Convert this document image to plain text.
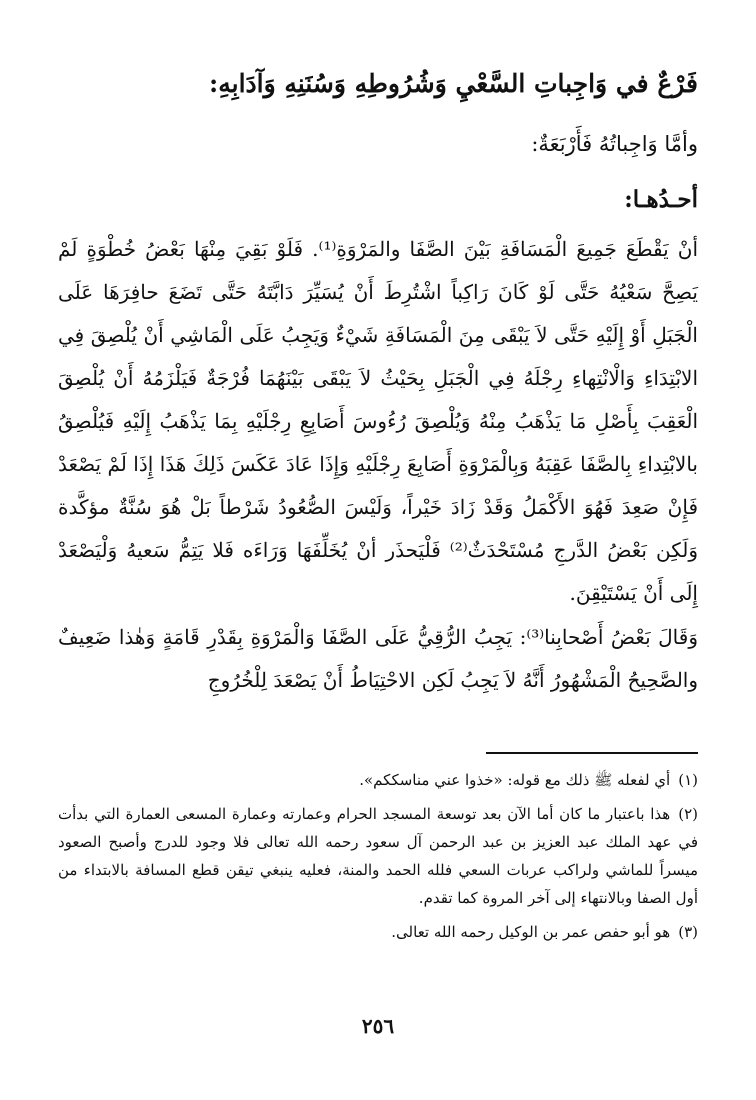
فَرْعٌ في وَاجِباتِ السَّعْيِ وَشُرُوطِهِ وَسُنَنِهِ وَآدَابِهِ:
وأمَّا وَاجِباتُهُ فَأَرْبَعَةٌ:
أحـدُهـا:

أنْ يَقْطَعَ جَمِيعَ الْمَسَافَةِ بَيْنَ الصَّفَا والمَرْوَةِ⁽¹⁾. فَلَوْ بَقِيَ مِنْهَا بَعْضُ خُطْوَةٍ لَمْ يَصِحَّ سَعْيُهُ حَتَّى لَوْ كَانَ رَاكِباً اشْتُرِطَ أَنْ يُسَيِّرَ دَابَّتَهُ حَتَّى تَضَعَ حافِرَهَا عَلَى الْجَبَلِ أَوْ إِلَيْهِ حَتَّى لاَ يَبْقَى مِنَ الْمَسَافَةِ شَيْءٌ وَيَجِبُ عَلَى الْمَاشِي أَنْ يُلْصِقَ فِي الابْتِدَاءِ وَالْانْتِهاءِ رِجْلَهُ فِي الْجَبَلِ بِحَيْثُ لاَ يَبْقَى بَيْنَهُمَا فُرْجَةٌ فَيَلْزَمُهُ أَنْ يُلْصِقَ الْعَقِبَ بِأَصْلِ مَا يَذْهَبُ مِنْهُ وَيُلْصِقَ رُءُوسَ أَصَابِعِ رِجْلَيْهِ بِمَا يَذْهَبُ إِلَيْهِ فَيُلْصِقُ بالابْتِداءِ بِالصَّفَا عَقِبَهُ وَبِالْمَرْوَةِ أَصَابِعَ رِجْلَيْهِ وَإِذَا عَادَ عَكَسَ ذَلِكَ هَذَا إِذَا لَمْ يَصْعَدْ فَإِنْ صَعِدَ فَهُوَ الأَكْمَلُ وَقَدْ زَادَ خَيْراً، وَلَيْسَ الصُّعُودُ شَرْطاً بَلْ هُوَ سُنَّةٌ مؤكَّدة وَلَكِن بَعْضُ الدَّرجِ مُسْتَحْدَثٌ⁽²⁾ فَلْيَحذَر أنْ يُخَلِّفَهَا وَرَاءَه فَلا يَتِمُّ سَعيهُ وَلْيَصْعَدْ إِلَى أَنْ يَسْتَيْقِنَ.

وَقَالَ بَعْضُ أَصْحابِنا⁽³⁾: يَجِبُ الرُّقِيُّ عَلَى الصَّفَا وَالْمَرْوَةِ بِقَدْرِ قَامَةٍ وَهٰذا ضَعِيفٌ والصَّحِيحُ الْمَشْهُورُ أَنَّهُ لاَ يَجِبُ لَكِن الاحْتِيَاطُ أَنْ يَصْعَدَ لِلْخُرُوجِ

(١)أي لفعله ﷺ ذلك مع قوله: «خذوا عني مناسككم».

(٢)هذا باعتبار ما كان أما الآن بعد توسعة المسجد الحرام وعمارته وعمارة المسعى العمارة التي بدأت في عهد الملك عبد العزيز بن عبد الرحمن آل سعود رحمه الله تعالى فلا وجود للدرج وأصبح الصعود ميسراً للماشي ولراكب عربات السعي فلله الحمد والمنة، فعليه ينبغي تيقن قطع المسافة بالابتداء من أول الصفا وبالانتهاء إلى آخر المروة كما تقدم.

(٣)هو أبو حفص عمر بن الوكيل رحمه الله تعالى.

٢٥٦
